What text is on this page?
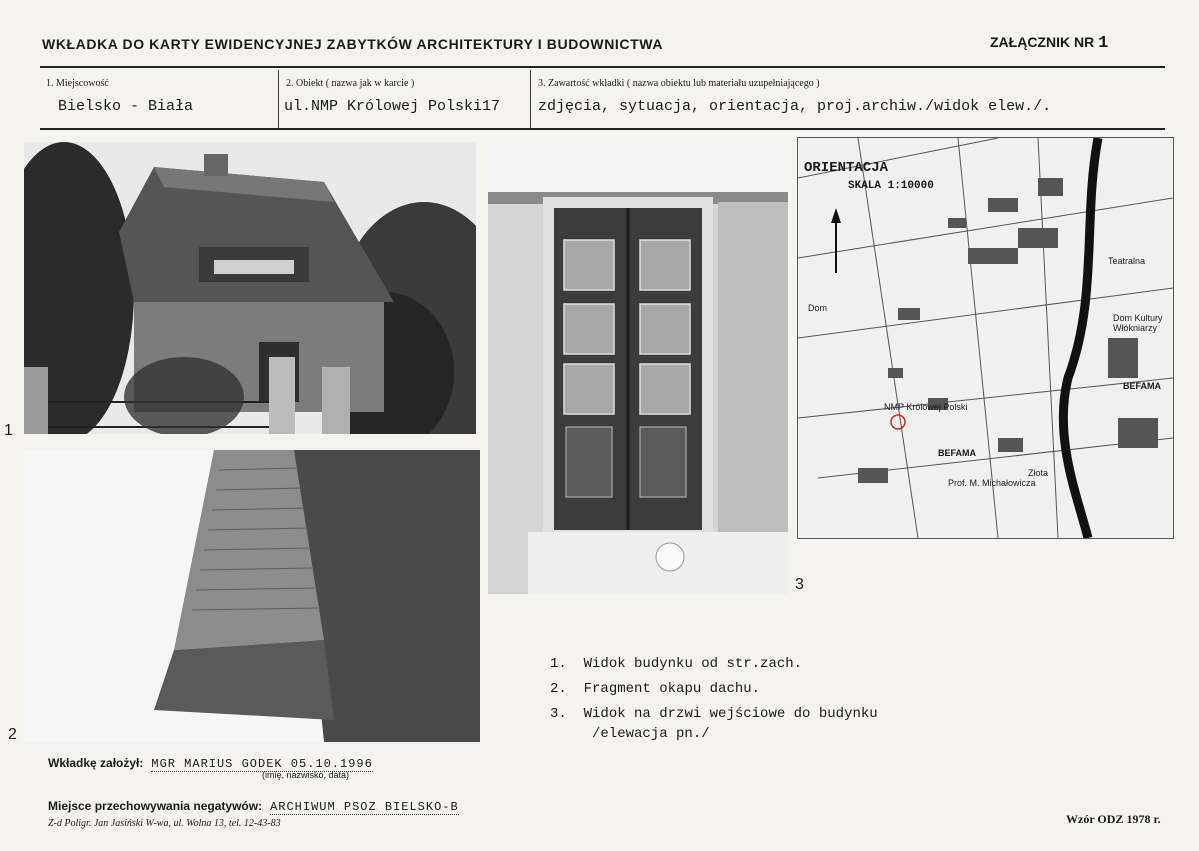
WKŁADKA DO KARTY EWIDENCYJNEJ ZABYTKÓW ARCHITEKTURY I BUDOWNICTWA	ZAŁĄCZNIK NR 1
1. Miejscowość
Bielsko - Biała
2. Obiekt ( nazwa jak w karcie )
ul.NMP Królowej Polski17
3. Zawartość wkładki ( nazwa obiektu lub materiału uzupełniającego )
zdjęcia, sytuacja, orientacja, proj.archiw./widok elew./.
1
3
2
ORIENTACJA
SKALA 1:10000
NMP Królowej Polski
BEFAMA
BEFAMA
Dom Kultury Włókniarzy
Teatralna
Dom
Złota
Prof. M. Michałowicza
1. Widok budynku od str.zach.
2. Fragment okapu dachu.
3. Widok na drzwi wejściowe do budynku
/elewacja pn./
Wkładkę założył: MGR MARIUS GODEK 05.10.1996
(imię, nazwisko, data)
Miejsce przechowywania negatywów: ARCHIWUM PSOZ BIELSKO-B
Z-d Poligr. Jan Jasiński W-wa, ul. Wolna 13, tel. 12-43-83	Wzór ODZ 1978 r.
